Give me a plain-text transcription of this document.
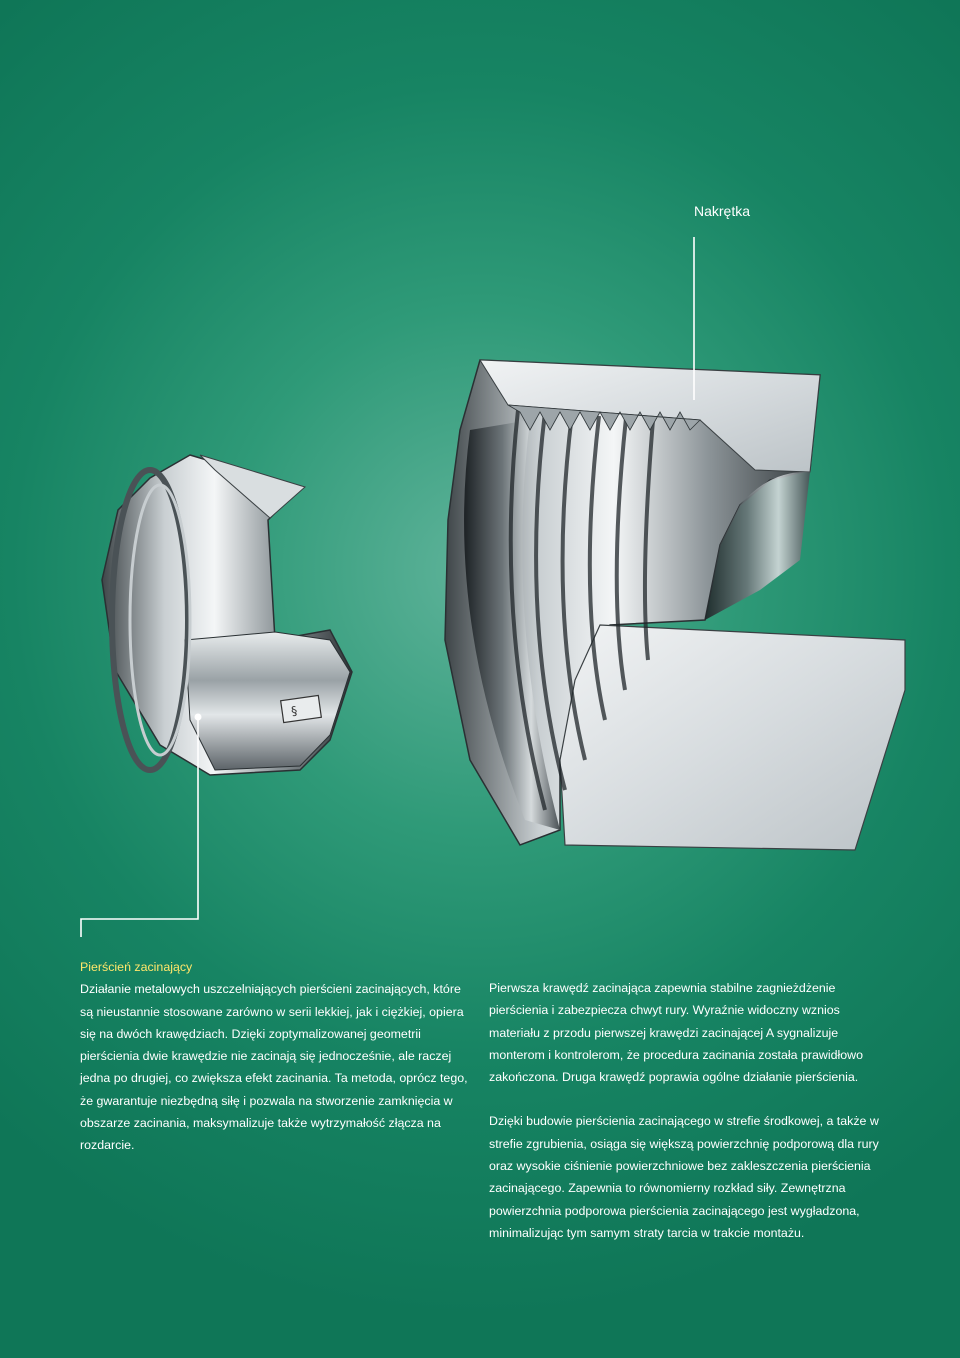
§
Nakrętka
Pierścień zacinający

Działanie metalowych uszczelniających pierścieni zacinających, które są nieustannie stosowane zarówno w serii lekkiej, jak i ciężkiej, opiera się na dwóch krawędziach. Dzięki zoptymalizowanej geometrii pierścienia dwie krawędzie nie zacinają się jednocześnie, ale raczej jedna po drugiej, co zwiększa efekt zacinania. Ta metoda, oprócz tego, że gwarantuje niezbędną siłę i pozwala na stworzenie zamknięcia w obszarze zacinania, maksymalizuje także wytrzymałość złącza na rozdarcie.

Pierwsza krawędź zacinająca zapewnia stabilne zagnieżdżenie pierścienia i zabezpiecza chwyt rury. Wyraźnie widoczny wznios materiału z przodu pierwszej krawędzi zacinającej A sygnalizuje monterom i kontrolerom, że procedura zacinania została prawidłowo zakończona. Druga krawędź poprawia ogólne działanie pierścienia.

Dzięki budowie pierścienia zacinającego w strefie środkowej, a także w strefie zgrubienia, osiąga się większą powierzchnię podporową dla rury oraz wysokie ciśnienie powierzchniowe bez zakleszczenia pierścienia zacinającego. Zapewnia to równomierny rozkład siły. Zewnętrzna powierzchnia podporowa pierścienia zacinającego jest wygładzona, minimalizując tym samym straty tarcia w trakcie montażu.
